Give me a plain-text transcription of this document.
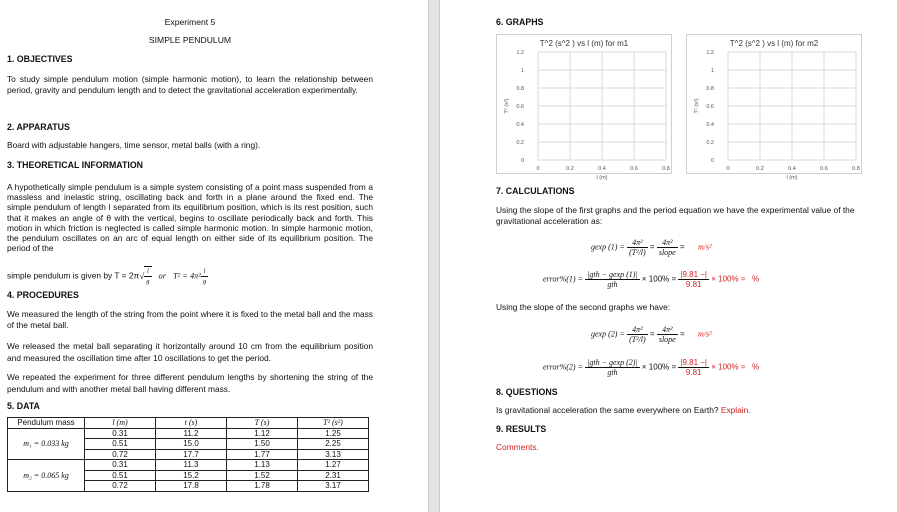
Experiment 5
SIMPLE PENDULUM
1. OBJECTIVES
To study simple pendulum motion (simple harmonic motion), to learn the relationship between period, gravity and pendulum length and to detect the gravitational acceleration experimentally.
2. APPARATUS
Board with adjustable hangers, time sensor, metal balls (with a ring).
3. THEORETICAL INFORMATION
A hypothetically simple pendulum is a simple system consisting of a point mass suspended from a massless and inelastic string, oscillating back and forth in a plane around the fixed end. The simple pendulum of length l separated from its equilibrium position, which is its rest position, such that it makes an angle of θ with the vertical, begins to oscillate periodically back and forth. This motion in which friction is neglected is called simple harmonic motion. In simple harmonic motion, the pendulum oscillates on an arc of equal length on either side of its equilibrium position. The period of the
simple pendulum is given by $T = 2\pi√ \frac{l}{g}$ or $T^2 = 4\pi^2 \frac{l}{g}$
4. PROCEDURES
We measured the length of the string from the point where it is fixed to the metal ball and the mass of the metal ball.
We released the metal ball separating it horizontally around 10 cm from the equilibrium position and measured the oscillation time after 10 oscillations to get the period.
We repeated the experiment for three different pendulum lengths by shortening the string of the pendulum and with another metal ball having different mass.
5. DATA
Pendulum mass	l (m)	t (s)	T (s)	T² (s²)
m₁ = 0.033 kg	0.31	11.2	1.12	1.25
	0.51	15.0	1.50	2.25
	0.72	17.7	1.77	3.13
m₂ = 0.065 kg	0.31	11.3	1.13	1.27
	0.51	15.2	1.52	2.31
	0.72	17.8	1.78	3.17
6. GRAPHS
T^2 (s^2 ) vs l (m) for m1
0
0.2
0.4
0.6
0.8
1
1.2
0	0.2	0.4	0.6	0.8
l (m)
T² (s²)
T^2 (s^2 ) vs l (m) for m2
0
0.2
0.4
0.6
0.8
1
1.2
0	0.2	0.4	0.6	0.8
l (m)
T² (s²)
7. CALCULATIONS
Using the slope of the first graphs and the period equation we have the experimental value of the gravitational acceleration as:
gexp $(1) = \frac{\text{4π²}}{\text{(T²/l)}} = \frac{\text{4π²}}{\text{slope}} = m/s^2$
error%(1) = $\frac{\text{|gth − gexp (1)|}}{\text{gth}} \times 100\% = \frac{|9.81 -|}{9.81} \times 100\%$ = %
Using the slope of the second graphs we have:
gexp $(2) = \frac{\text{4π²}}{\text{(T²/l)}} = \frac{\text{4π²}}{\text{slope}} = m/s^2$
error%(2) = $\frac{\text{|gth − gexp (2)|}}{\text{gth}} \times 100\% = \frac{|9.81 -|}{9.81} \times 100\%$ = %
8. QUESTIONS
Is gravitational acceleration the same everywhere on Earth? Explain.
9. RESULTS
Comments.
